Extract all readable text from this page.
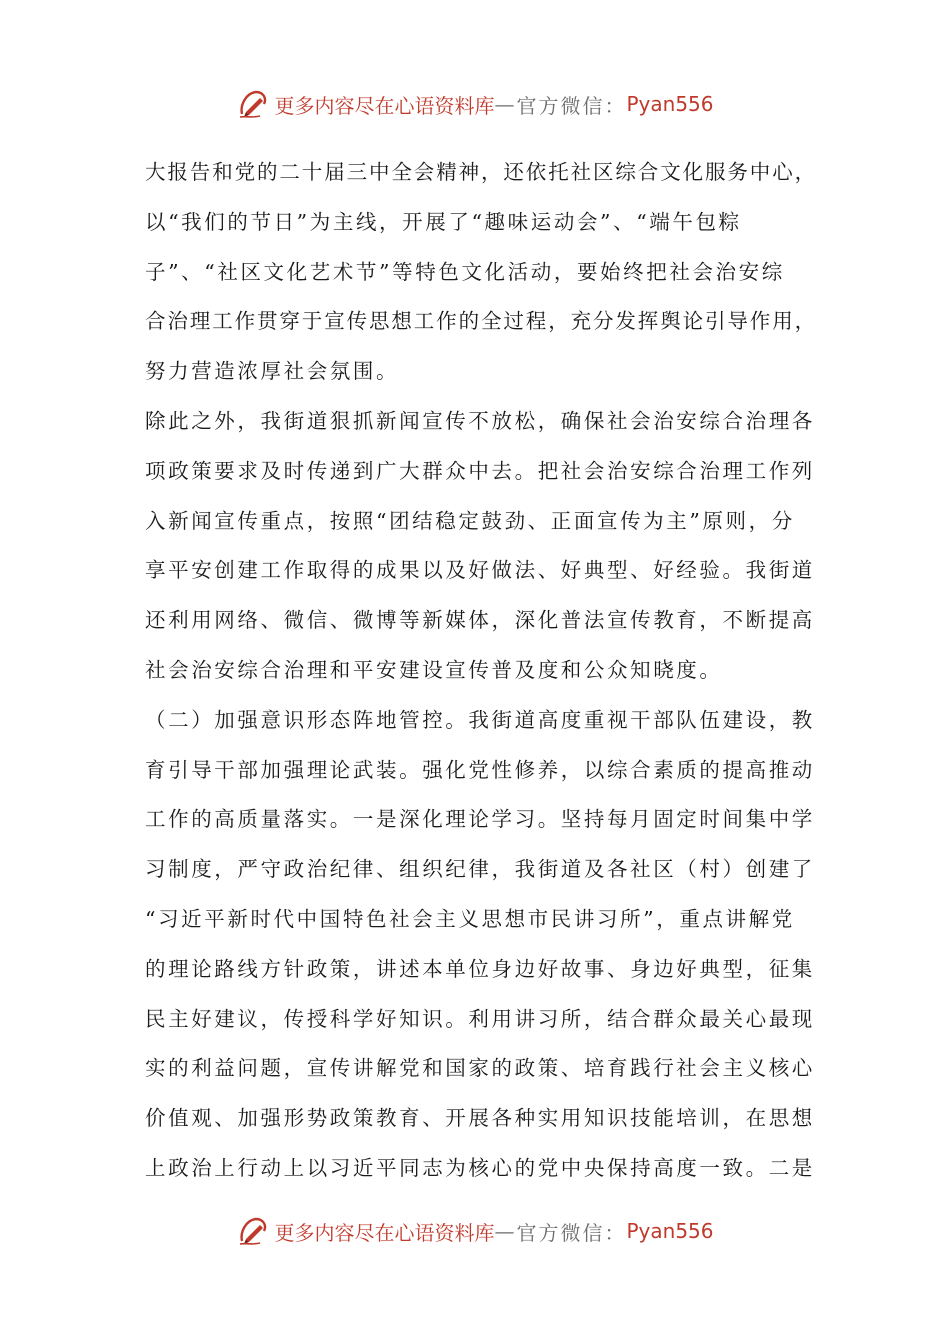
更多内容尽在心语资料库 — 官方微信： Pyan556
大报告和党的二十届三中全会精神，还依托社区综合文化服务中心，
以“我们的节日”为主线，开展了“趣味运动会”、“端午包粽
子”、“社区文化艺术节”等特色文化活动，要始终把社会治安综
合治理工作贯穿于宣传思想工作的全过程，充分发挥舆论引导作用，
努力营造浓厚社会氛围。
除此之外，我街道狠抓新闻宣传不放松，确保社会治安综合治理各
项政策要求及时传递到广大群众中去。把社会治安综合治理工作列
入新闻宣传重点，按照“团结稳定鼓劲、正面宣传为主”原则，分
享平安创建工作取得的成果以及好做法、好典型、好经验。我街道
还利用网络、微信、微博等新媒体，深化普法宣传教育，不断提高
社会治安综合治理和平安建设宣传普及度和公众知晓度。
（二）加强意识形态阵地管控。我街道高度重视干部队伍建设，教
育引导干部加强理论武装。强化党性修养，以综合素质的提高推动
工作的高质量落实。一是深化理论学习。坚持每月固定时间集中学
习制度，严守政治纪律、组织纪律，我街道及各社区（村）创建了
“习近平新时代中国特色社会主义思想市民讲习所”，重点讲解党
的理论路线方针政策，讲述本单位身边好故事、身边好典型，征集
民主好建议，传授科学好知识。利用讲习所，结合群众最关心最现
实的利益问题，宣传讲解党和国家的政策、培育践行社会主义核心
价值观、加强形势政策教育、开展各种实用知识技能培训，在思想
上政治上行动上以习近平同志为核心的党中央保持高度一致。二是
更多内容尽在心语资料库 — 官方微信： Pyan556
